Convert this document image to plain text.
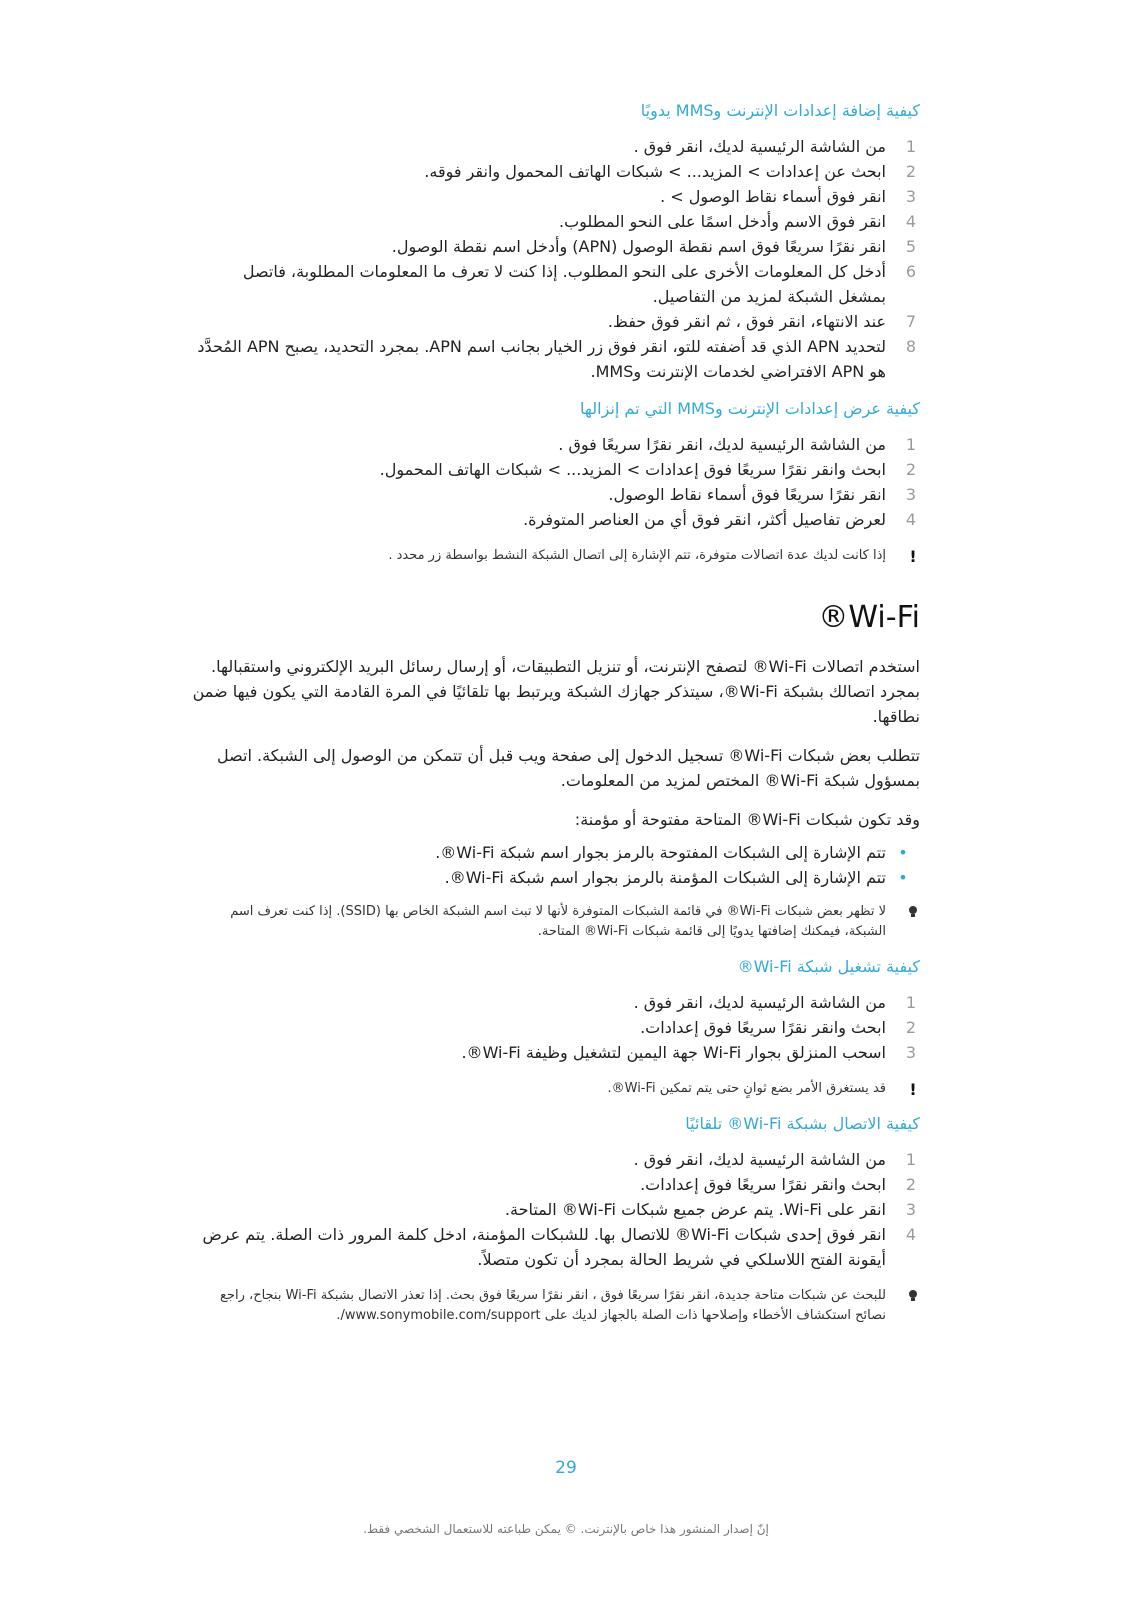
كيفية إضافة إعدادات الإنترنت وMMS يدويًا
1
من الشاشة الرئيسية لديك، انقر فوق .
2
ابحث عن إعدادات > المزيد... > شبكات الهاتف المحمول وانقر فوقه.
3
انقر فوق أسماء نقاط الوصول > .
4
انقر فوق الاسم وأدخل اسمًا على النحو المطلوب.
5
انقر نقرًا سريعًا فوق اسم نقطة الوصول (APN) وأدخل اسم نقطة الوصول.
6
أدخل كل المعلومات الأخرى على النحو المطلوب. إذا كنت لا تعرف ما المعلومات المطلوبة، فاتصل بمشغل الشبكة لمزيد من التفاصيل.
7
عند الانتهاء، انقر فوق ، ثم انقر فوق حفظ.
8
لتحديد APN الذي قد أضفته للتو، انقر فوق زر الخيار بجانب اسم APN. بمجرد التحديد، يصبح APN المُحدَّد هو APN الافتراضي لخدمات الإنترنت وMMS.
كيفية عرض إعدادات الإنترنت وMMS التي تم إنزالها
1
من الشاشة الرئيسية لديك، انقر نقرًا سريعًا فوق .
2
ابحث وانقر نقرًا سريعًا فوق إعدادات > المزيد... > شبكات الهاتف المحمول.
3
انقر نقرًا سريعًا فوق أسماء نقاط الوصول.
4
لعرض تفاصيل أكثر، انقر فوق أي من العناصر المتوفرة.
!
إذا كانت لديك عدة اتصالات متوفرة، تتم الإشارة إلى اتصال الشبكة النشط بواسطة زر محدد .
Wi-Fi®

استخدم اتصالات Wi-Fi® لتصفح الإنترنت، أو تنزيل التطبيقات، أو إرسال رسائل البريد الإلكتروني واستقبالها. بمجرد اتصالك بشبكة Wi-Fi®، سيتذكر جهازك الشبكة ويرتبط بها تلقائيًا في المرة القادمة التي يكون فيها ضمن نطاقها.

تتطلب بعض شبكات Wi-Fi® تسجيل الدخول إلى صفحة ويب قبل أن تتمكن من الوصول إلى الشبكة. اتصل بمسؤول شبكة Wi-Fi® المختص لمزيد من المعلومات.

وقد تكون شبكات Wi-Fi® المتاحة مفتوحة أو مؤمنة:

•
تتم الإشارة إلى الشبكات المفتوحة بالرمز بجوار اسم شبكة Wi-Fi®.
•
تتم الإشارة إلى الشبكات المؤمنة بالرمز بجوار اسم شبكة Wi-Fi®.
لا تظهر بعض شبكات Wi-Fi® في قائمة الشبكات المتوفرة لأنها لا تبث اسم الشبكة الخاص بها (SSID). إذا كنت تعرف اسم الشبكة، فيمكنك إضافتها يدويًا إلى قائمة شبكات Wi-Fi® المتاحة.
كيفية تشغيل شبكة Wi-Fi®
1
من الشاشة الرئيسية لديك، انقر فوق .
2
ابحث وانقر نقرًا سريعًا فوق إعدادات.
3
اسحب المنزلق بجوار Wi-Fi جهة اليمين لتشغيل وظيفة Wi-Fi®.
!
قد يستغرق الأمر بضع ثوانٍ حتى يتم تمكين Wi-Fi®.
كيفية الاتصال بشبكة Wi-Fi® تلقائيًا
1
من الشاشة الرئيسية لديك، انقر فوق .
2
ابحث وانقر نقرًا سريعًا فوق إعدادات.
3
انقر على Wi-Fi. يتم عرض جميع شبكات Wi-Fi® المتاحة.
4
انقر فوق إحدى شبكات Wi-Fi® للاتصال بها. للشبكات المؤمنة، ادخل كلمة المرور ذات الصلة. يتم عرض أيقونة الفتح اللاسلكي في شريط الحالة بمجرد أن تكون متصلاً.
للبحث عن شبكات متاحة جديدة، انقر نقرًا سريعًا فوق ، انقر نقرًا سريعًا فوق بحث. إذا تعذر الاتصال بشبكة Wi-Fi بنجاح، راجع نصائح استكشاف الأخطاء وإصلاحها ذات الصلة بالجهاز لديك على www.sonymobile.com/support/.
29
إنّ إصدار المنشور هذا خاص بالإنترنت. © يمكن طباعته للاستعمال الشخصي فقط.
